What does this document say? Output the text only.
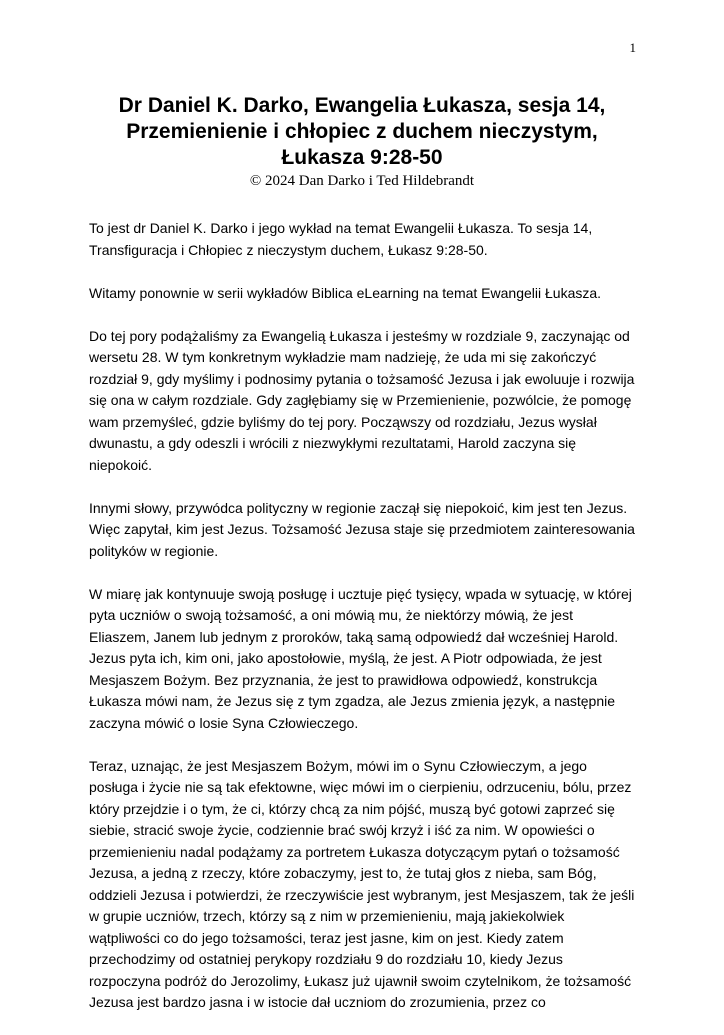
1

Dr Daniel K. Darko, Ewangelia Łukasza, sesja 14,

Przemienienie i chłopiec z duchem nieczystym,

Łukasza 9:28-50

© 2024 Dan Darko i Ted Hildebrandt

To jest dr Daniel K. Darko i jego wykład na temat Ewangelii Łukasza. To sesja 14, Transfiguracja i Chłopiec z nieczystym duchem, Łukasz 9:28-50.

Witamy ponownie w serii wykładów Biblica eLearning na temat Ewangelii Łukasza.

Do tej pory podążaliśmy za Ewangelią Łukasza i jesteśmy w rozdziale 9, zaczynając od wersetu 28. W tym konkretnym wykładzie mam nadzieję, że uda mi się zakończyć rozdział 9, gdy myślimy i podnosimy pytania o tożsamość Jezusa i jak ewoluuje i rozwija się ona w całym rozdziale. Gdy zagłębiamy się w Przemienienie, pozwólcie, że pomogę wam przemyśleć, gdzie byliśmy do tej pory. Począwszy od rozdziału, Jezus wysłał dwunastu, a gdy odeszli i wrócili z niezwykłymi rezultatami, Harold zaczyna się niepokoić.

Innymi słowy, przywódca polityczny w regionie zaczął się niepokoić, kim jest ten Jezus. Więc zapytał, kim jest Jezus. Tożsamość Jezusa staje się przedmiotem zainteresowania polityków w regionie.

W miarę jak kontynuuje swoją posługę i ucztuje pięć tysięcy, wpada w sytuację, w której pyta uczniów o swoją tożsamość, a oni mówią mu, że niektórzy mówią, że jest Eliaszem, Janem lub jednym z proroków, taką samą odpowiedź dał wcześniej Harold. Jezus pyta ich, kim oni, jako apostołowie, myślą, że jest. A Piotr odpowiada, że jest Mesjaszem Bożym. Bez przyznania, że jest to prawidłowa odpowiedź, konstrukcja Łukasza mówi nam, że Jezus się z tym zgadza, ale Jezus zmienia język, a następnie zaczyna mówić o losie Syna Człowieczego.

Teraz, uznając, że jest Mesjaszem Bożym, mówi im o Synu Człowieczym, a jego posługa i życie nie są tak efektowne, więc mówi im o cierpieniu, odrzuceniu, bólu, przez który przejdzie i o tym, że ci, którzy chcą za nim pójść, muszą być gotowi zaprzeć się siebie, stracić swoje życie, codziennie brać swój krzyż i iść za nim. W opowieści o przemienieniu nadal podążamy za portretem Łukasza dotyczącym pytań o tożsamość Jezusa, a jedną z rzeczy, które zobaczymy, jest to, że tutaj głos z nieba, sam Bóg, oddzieli Jezusa i potwierdzi, że rzeczywiście jest wybranym, jest Mesjaszem, tak że jeśli w grupie uczniów, trzech, którzy są z nim w przemienieniu, mają jakiekolwiek wątpliwości co do jego tożsamości, teraz jest jasne, kim on jest. Kiedy zatem przechodzimy od ostatniej perykopy rozdziału 9 do rozdziału 10, kiedy Jezus rozpoczyna podróż do Jerozolimy, Łukasz już ujawnił swoim czytelnikom, że tożsamość Jezusa jest bardzo jasna i w istocie dał uczniom do zrozumienia, przez co
